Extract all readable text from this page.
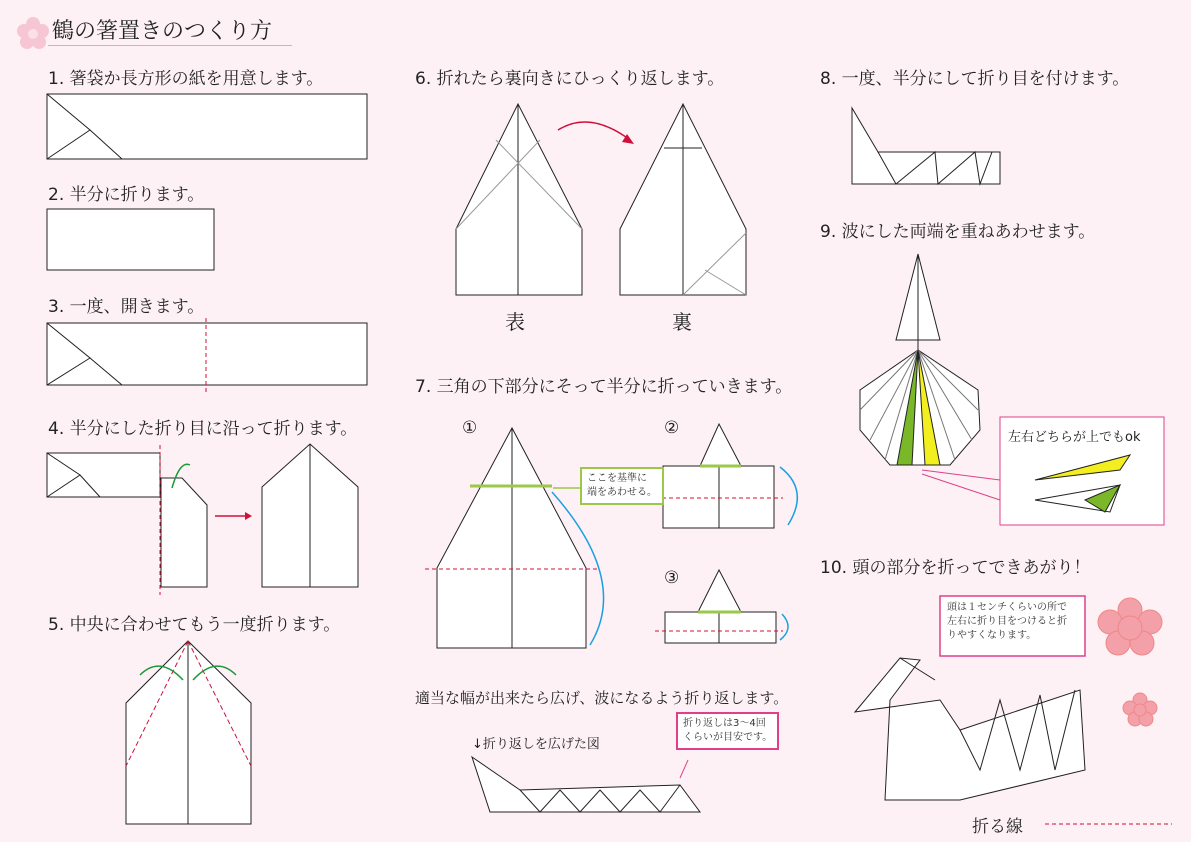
鶴の箸置きのつくり方
1. 箸袋か長方形の紙を用意します。
2. 半分に折ります。
3. 一度、開きます。
4. 半分にした折り目に沿って折ります。
5. 中央に合わせてもう一度折ります。
6. 折れたら裏向きにひっくり返します。
表	裏
7. 三角の下部分にそって半分に折っていきます。
①	②
③
適当な幅が出来たら広げ、波になるよう折り返します。
↓折り返しを広げた図
8. 一度、半分にして折り目を付けます。
9. 波にした両端を重ねあわせます。
10. 頭の部分を折ってできあがり！
折る線
ここを基準に
端をあわせる。
折り返しは3〜4回
くらいが目安です。
左右どちらが上でもok
頭は１センチくらいの所で
左右に折り目をつけると折
りやすくなります。
